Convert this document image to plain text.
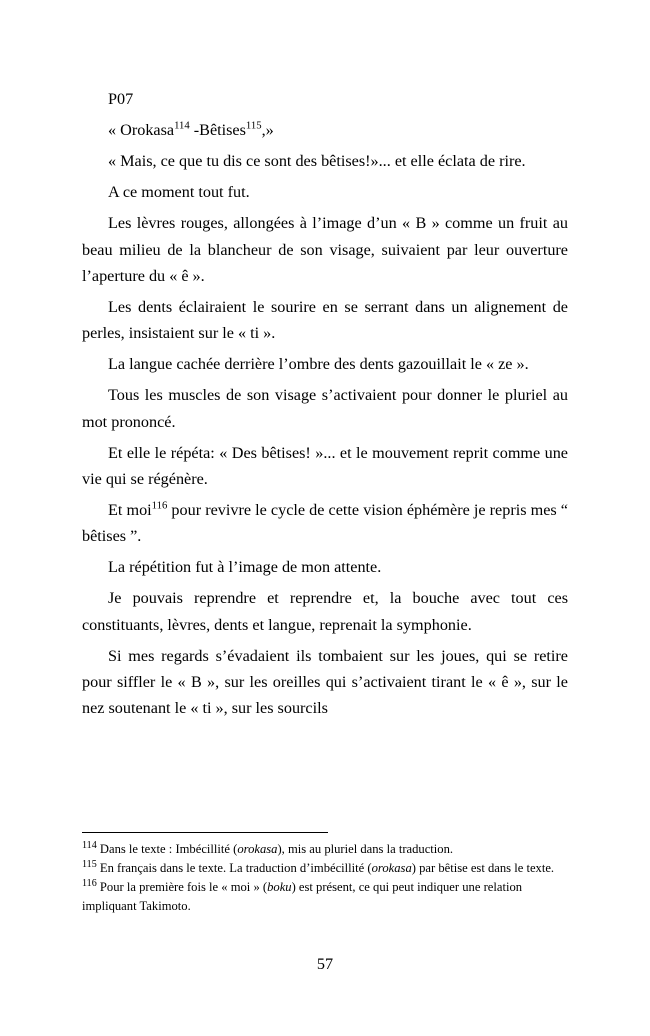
P07

« Orokasa$^{114}$ -Bêtises$^{115}$,»

« Mais, ce que tu dis ce sont des bêtises!»... et elle éclata de rire.

A ce moment tout fut.

Les lèvres rouges, allongées à l’image d’un « B » comme un fruit au beau milieu de la blancheur de son visage, suivaient par leur ouverture l’aperture du « ê ».

Les dents éclairaient le sourire en se serrant dans un alignement de perles, insistaient sur le « ti ».

La langue cachée derrière l’ombre des dents gazouillait le « ze ».

Tous les muscles de son visage s’activaient pour donner le pluriel au mot prononcé.

Et elle le répéta: « Des bêtises! »... et le mouvement reprit comme une vie qui se régénère.

Et moi$^{116}$ pour revivre le cycle de cette vision éphémère je repris mes “ bêtises ”.

La répétition fut à l’image de mon attente.

Je pouvais reprendre et reprendre et, la bouche avec tout ces constituants, lèvres, dents et langue, reprenait la symphonie.

Si mes regards s’évadaient ils tombaient sur les joues, qui se retire pour siffler le « B », sur les oreilles qui s’activaient tirant le « ê », sur le nez soutenant le « ti », sur les sourcils

$^{114}$ Dans le texte : Imbécillité (orokasa), mis au pluriel dans la traduction.

$^{115}$ En français dans le texte. La traduction d’imbécillité (orokasa) par bêtise est dans le texte.

$^{116}$ Pour la première fois le « moi » (boku) est présent, ce qui peut indiquer une relation impliquant Takimoto.

57
